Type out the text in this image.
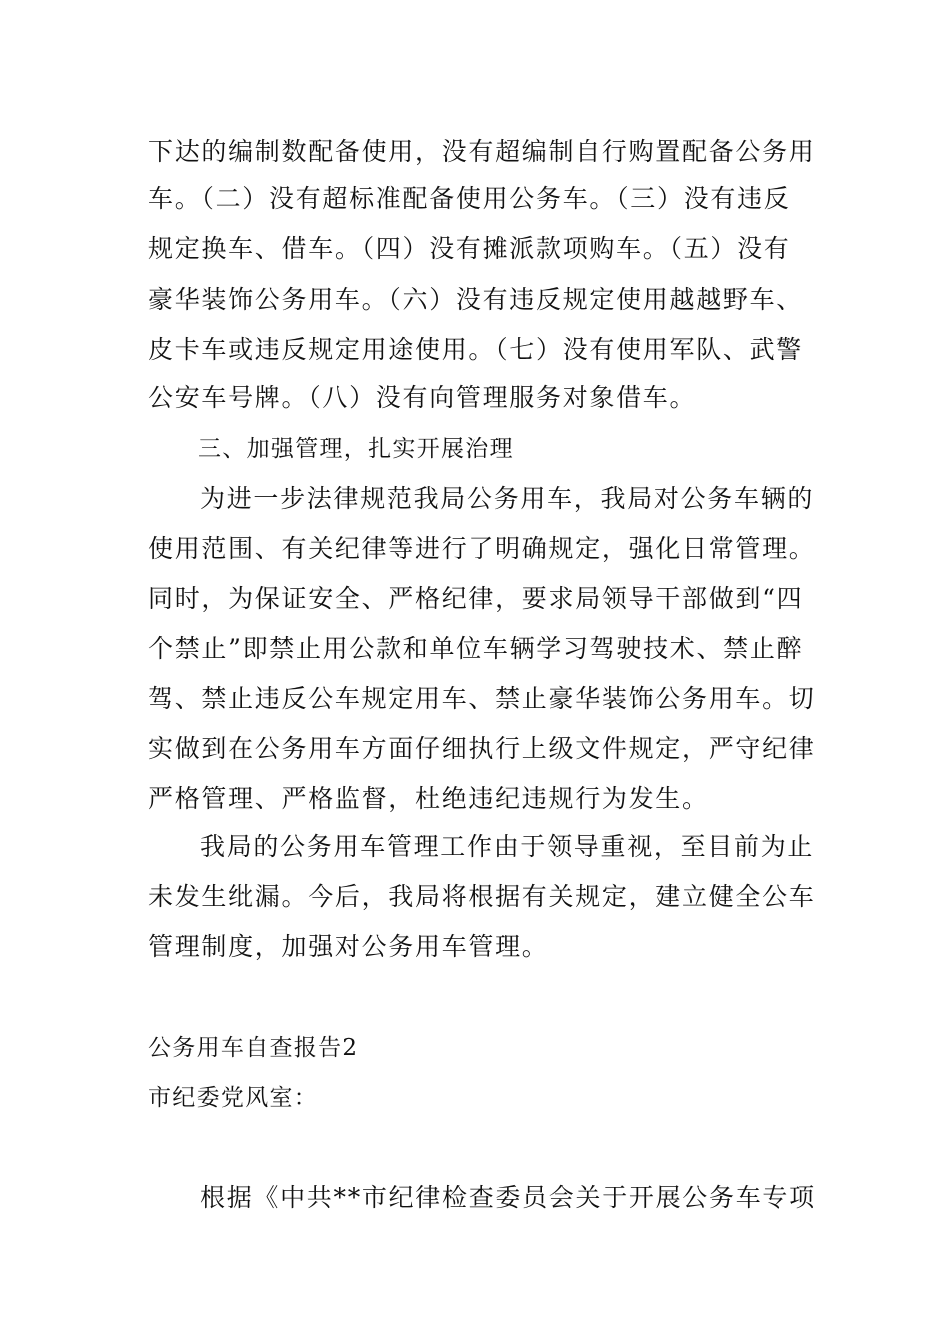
下达的编制数配备使用，没有超编制自行购置配备公务用
车。（二）没有超标准配备使用公务车。（三）没有违反
规定换车、借车。（四）没有摊派款项购车。（五）没有
豪华装饰公务用车。（六）没有违反规定使用越越野车、
皮卡车或违反规定用途使用。（七）没有使用军队、武警
公安车号牌。（八）没有向管理服务对象借车。
三、加强管理，扎实开展治理
为进一步法律规范我局公务用车，我局对公务车辆的
使用范围、有关纪律等进行了明确规定，强化日常管理。
同时，为保证安全、严格纪律，要求局领导干部做到“四
个禁止”即禁止用公款和单位车辆学习驾驶技术、禁止醉
驾、禁止违反公车规定用车、禁止豪华装饰公务用车。切
实做到在公务用车方面仔细执行上级文件规定，严守纪律
严格管理、严格监督，杜绝违纪违规行为发生。
我局的公务用车管理工作由于领导重视，至目前为止
未发生纰漏。今后，我局将根据有关规定，建立健全公车
管理制度，加强对公务用车管理。
公务用车自查报告2
市纪委党风室：
根据《中共**市纪律检查委员会关于开展公务车专项
